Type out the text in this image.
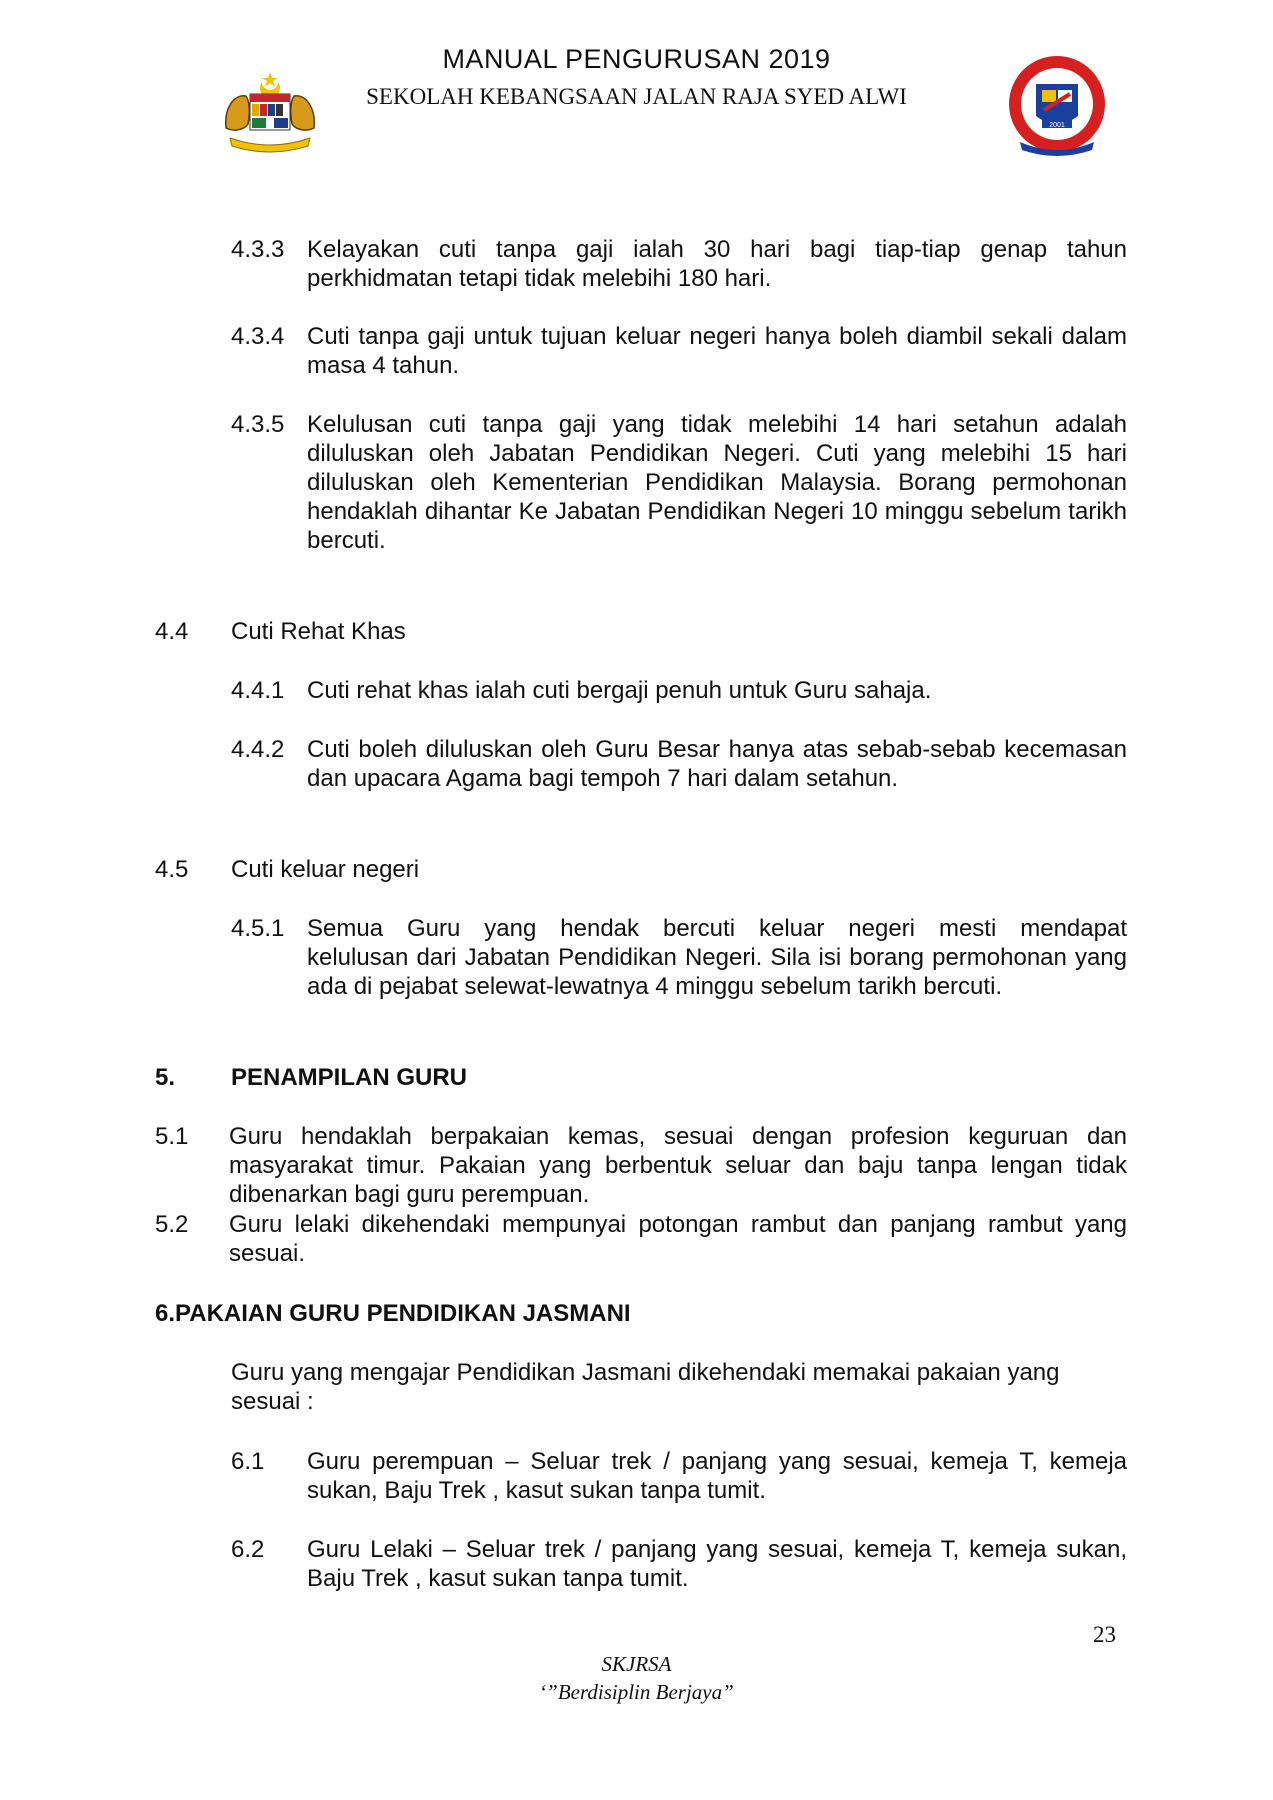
MANUAL PENGURUSAN 2019
SEKOLAH KEBANGSAAN JALAN RAJA SYED ALWI
2001
4.3.3 Kelayakan cuti tanpa gaji ialah 30 hari bagi tiap-tiap genap tahun perkhidmatan tetapi tidak melebihi 180 hari.
4.3.4 Cuti tanpa gaji untuk tujuan keluar negeri hanya boleh diambil sekali dalam masa 4 tahun.
4.3.5 Kelulusan cuti tanpa gaji yang tidak melebihi 14 hari setahun adalah diluluskan oleh Jabatan Pendidikan Negeri. Cuti yang melebihi 15 hari diluluskan oleh Kementerian Pendidikan Malaysia. Borang permohonan hendaklah dihantar Ke Jabatan Pendidikan Negeri 10 minggu sebelum tarikh bercuti.
4.4 Cuti Rehat Khas
4.4.1 Cuti rehat khas ialah cuti bergaji penuh untuk Guru sahaja.
4.4.2 Cuti boleh diluluskan oleh Guru Besar hanya atas sebab-sebab kecemasan dan upacara Agama bagi tempoh 7 hari dalam setahun.
4.5 Cuti keluar negeri
4.5.1 Semua Guru yang hendak bercuti keluar negeri mesti mendapat
kelulusan dari Jabatan Pendidikan Negeri. Sila isi borang permohonan yang ada di pejabat selewat-lewatnya 4 minggu sebelum tarikh bercuti.
5. PENAMPILAN GURU
5.1 Guru hendaklah berpakaian kemas, sesuai dengan profesion keguruan dan masyarakat timur. Pakaian yang berbentuk seluar dan baju tanpa lengan tidak dibenarkan bagi guru perempuan.
5.2 Guru lelaki dikehendaki mempunyai potongan rambut dan panjang rambut yang sesuai.
6.PAKAIAN GURU PENDIDIKAN JASMANI
Guru yang mengajar Pendidikan Jasmani dikehendaki memakai pakaian yang sesuai :
6.1 Guru perempuan – Seluar trek / panjang yang sesuai, kemeja T, kemeja sukan, Baju Trek , kasut sukan tanpa tumit.
6.2 Guru Lelaki – Seluar trek / panjang yang sesuai, kemeja T, kemeja sukan, Baju Trek , kasut sukan tanpa tumit.
23
SKJRSA
‘”Berdisiplin Berjaya”
